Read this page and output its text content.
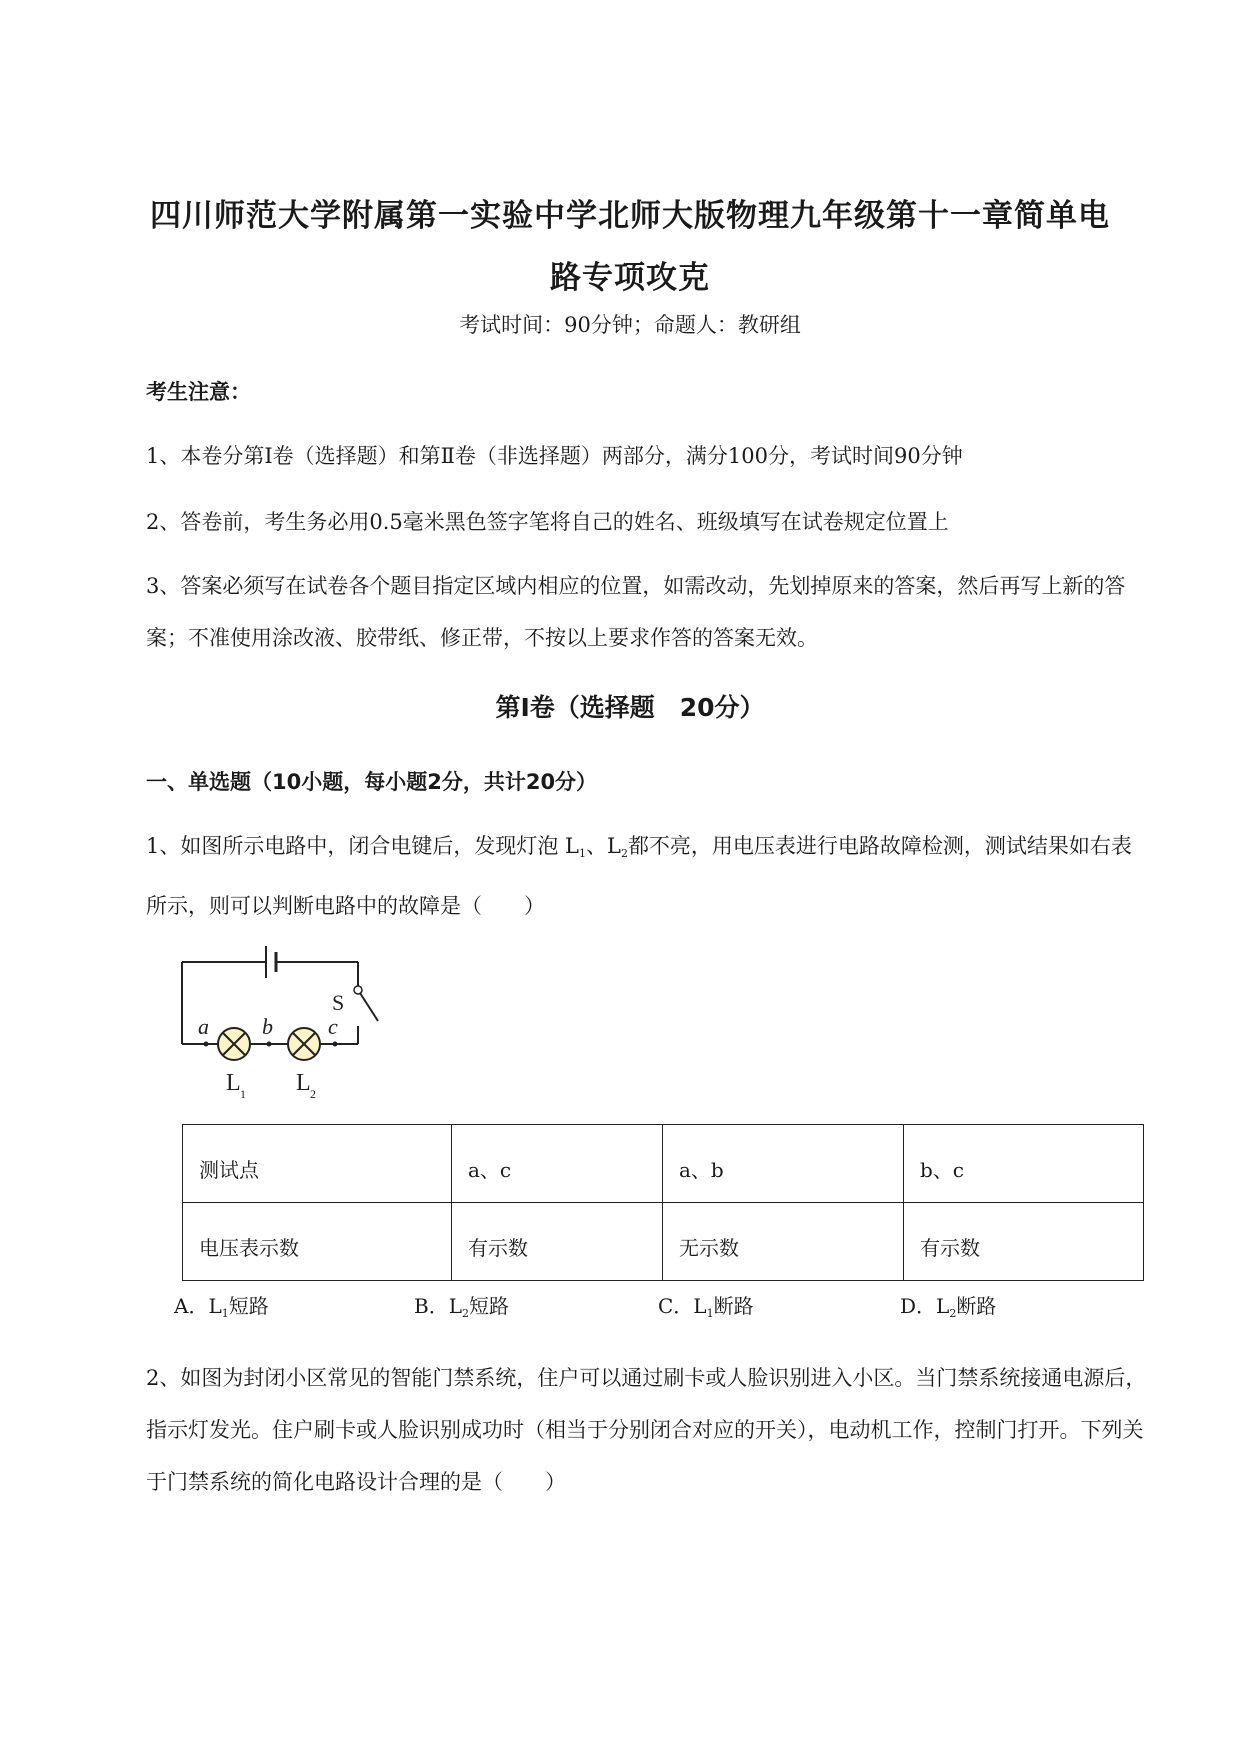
四川师范大学附属第一实验中学北师大版物理九年级第十一章简单电
路专项攻克
考试时间：90分钟；命题人：教研组
考生注意：
1、本卷分第Ⅰ卷（选择题）和第Ⅱ卷（非选择题）两部分，满分100分，考试时间90分钟
2、答卷前，考生务必用0.5毫米黑色签字笔将自己的姓名、班级填写在试卷规定位置上
3、答案必须写在试卷各个题目指定区域内相应的位置，如需改动，先划掉原来的答案，然后再写上新的答案；不准使用涂改液、胶带纸、修正带，不按以上要求作答的答案无效。
第Ⅰ卷（选择题　20分）
一、单选题（10小题，每小题2分，共计20分）
1、如图所示电路中，闭合电键后，发现灯泡 $L_1$、$L_2$都不亮，用电压表进行电路故障检测，测试结果如右表所示，则可以判断电路中的故障是（　　）
a b	c
S
L 1 L 2
测试点	a、c	a、b	b、c
电压表示数	有示数	无示数	有示数
A．$L_1$短路	B．$L_2$短路	C．$L_1$断路	D．$L_2$断路
2、如图为封闭小区常见的智能门禁系统，住户可以通过刷卡或人脸识别进入小区。当门禁系统接通电源后，指示灯发光。住户刷卡或人脸识别成功时（相当于分别闭合对应的开关），电动机工作，控制门打开。下列关于门禁系统的简化电路设计合理的是（　　）
